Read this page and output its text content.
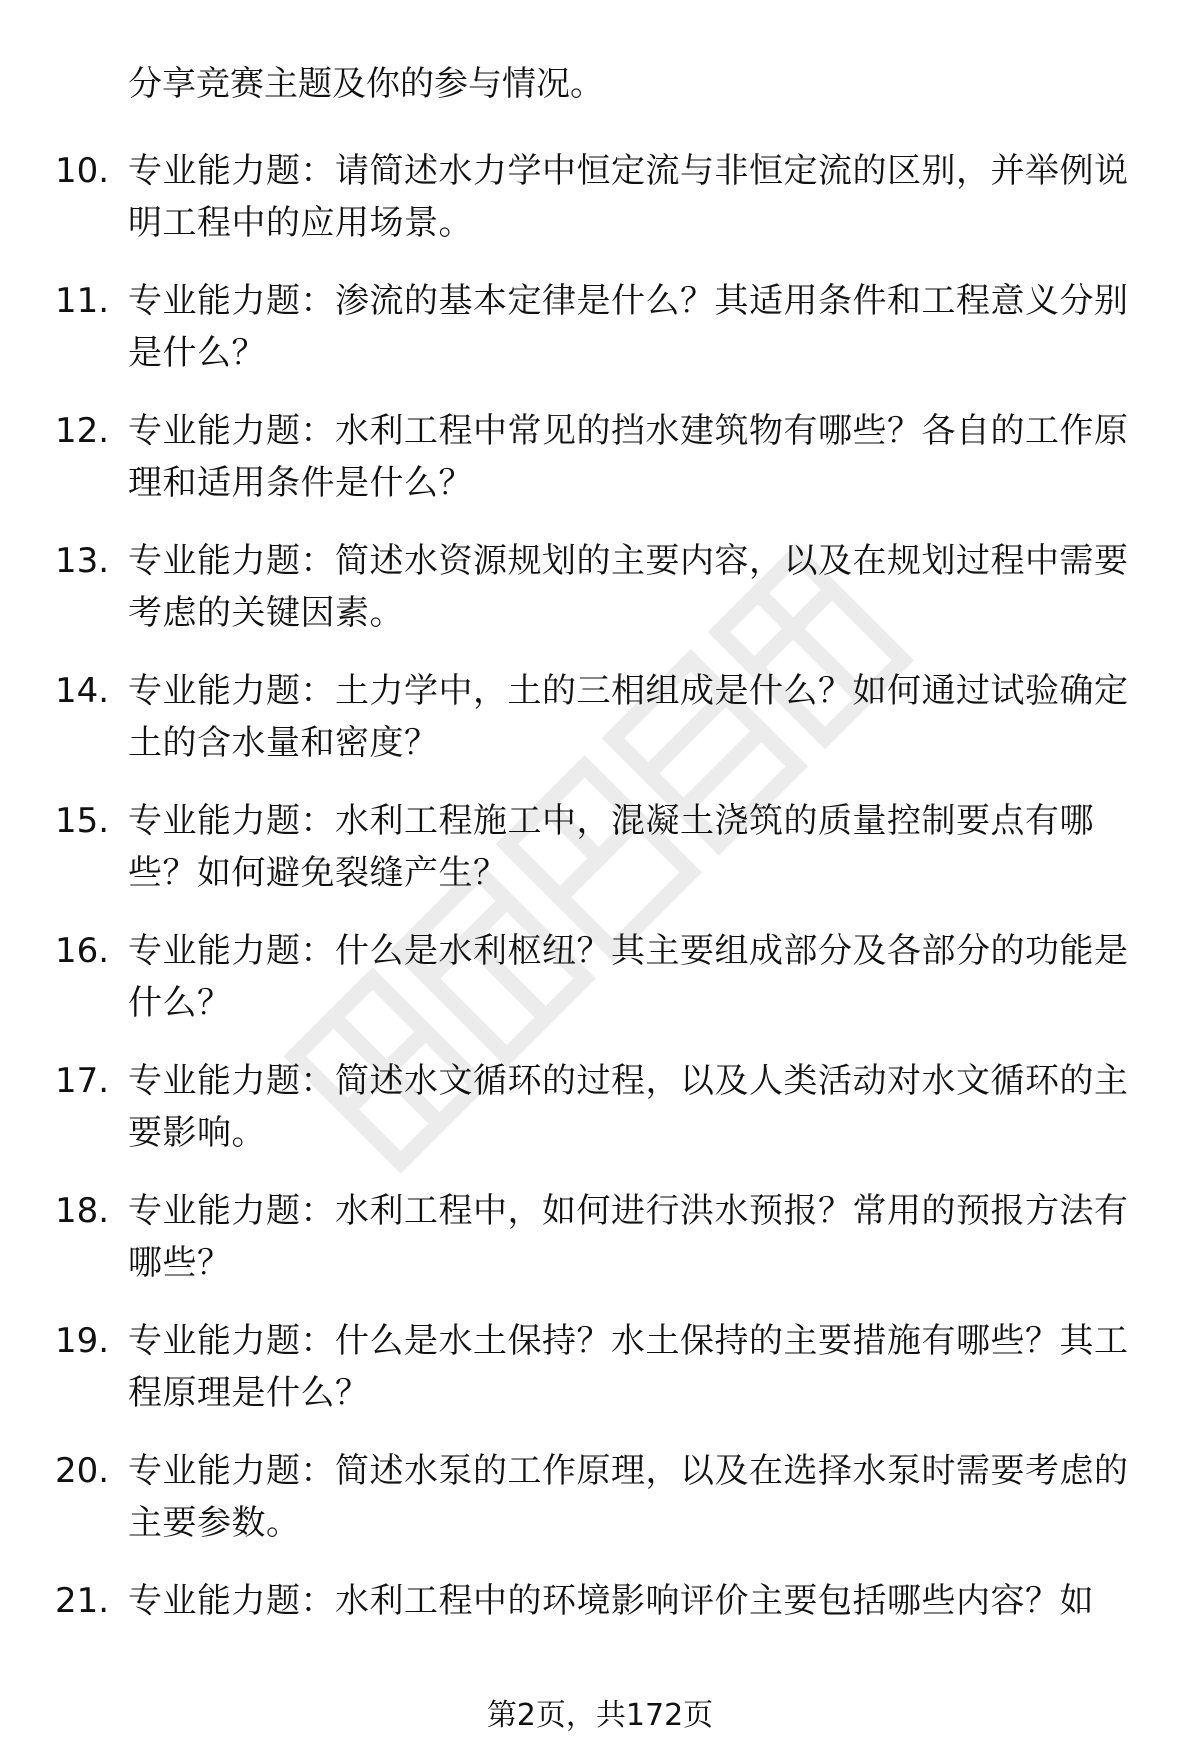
分享竞赛主题及你的参与情况。
10. 专业能力题：请简述水力学中恒定流与非恒定流的区别，并举例说明工程中的应用场景。
11. 专业能力题：渗流的基本定律是什么？其适用条件和工程意义分别是什么？
12. 专业能力题：水利工程中常见的挡水建筑物有哪些？各自的工作原理和适用条件是什么？
13. 专业能力题：简述水资源规划的主要内容，以及在规划过程中需要考虑的关键因素。
14. 专业能力题：土力学中，土的三相组成是什么？如何通过试验确定土的含水量和密度？
15. 专业能力题：水利工程施工中，混凝土浇筑的质量控制要点有哪些？如何避免裂缝产生？
16. 专业能力题：什么是水利枢纽？其主要组成部分及各部分的功能是什么？
17. 专业能力题：简述水文循环的过程，以及人类活动对水文循环的主要影响。
18. 专业能力题：水利工程中，如何进行洪水预报？常用的预报方法有哪些？
19. 专业能力题：什么是水土保持？水土保持的主要措施有哪些？其工程原理是什么？
20. 专业能力题：简述水泵的工作原理，以及在选择水泵时需要考虑的主要参数。
21. 专业能力题：水利工程中的环境影响评价主要包括哪些内容？如
第2页，共172页
